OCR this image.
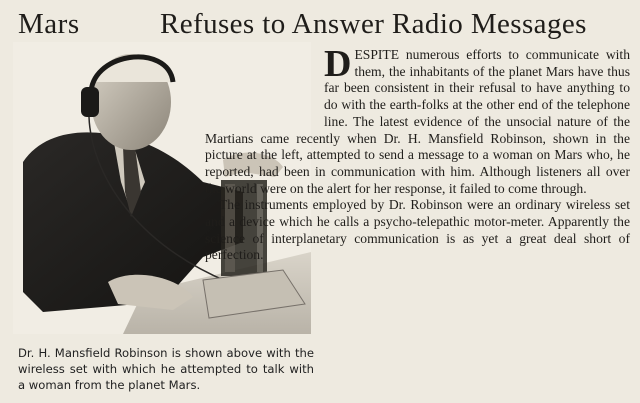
Mars	Refuses to Answer Radio Messages

DESPITE numerous efforts to communicate with them, the inhabitants of the planet Mars have thus far been consistent in their refusal to have anything to do with the earth-folks at the other end of the telephone line. The latest evidence of the unsocial nature of the Martians came recently when Dr. H. Mansfield Robinson, shown in the picture at the left, attempted to send a message to a woman on Mars who, he reported, had been in communication with him. Although listeners all over the world were on the alert for her response, it failed to come through.

The instruments employed by Dr. Robinson were an ordinary wireless set and a device which he calls a psycho-telepathic motor-meter. Apparently the science of interplanetary communication is as yet a great deal short of perfection.

Dr. H. Mansfield Robinson is shown above with the wireless set with which he attempted to talk with a woman from the planet Mars.
